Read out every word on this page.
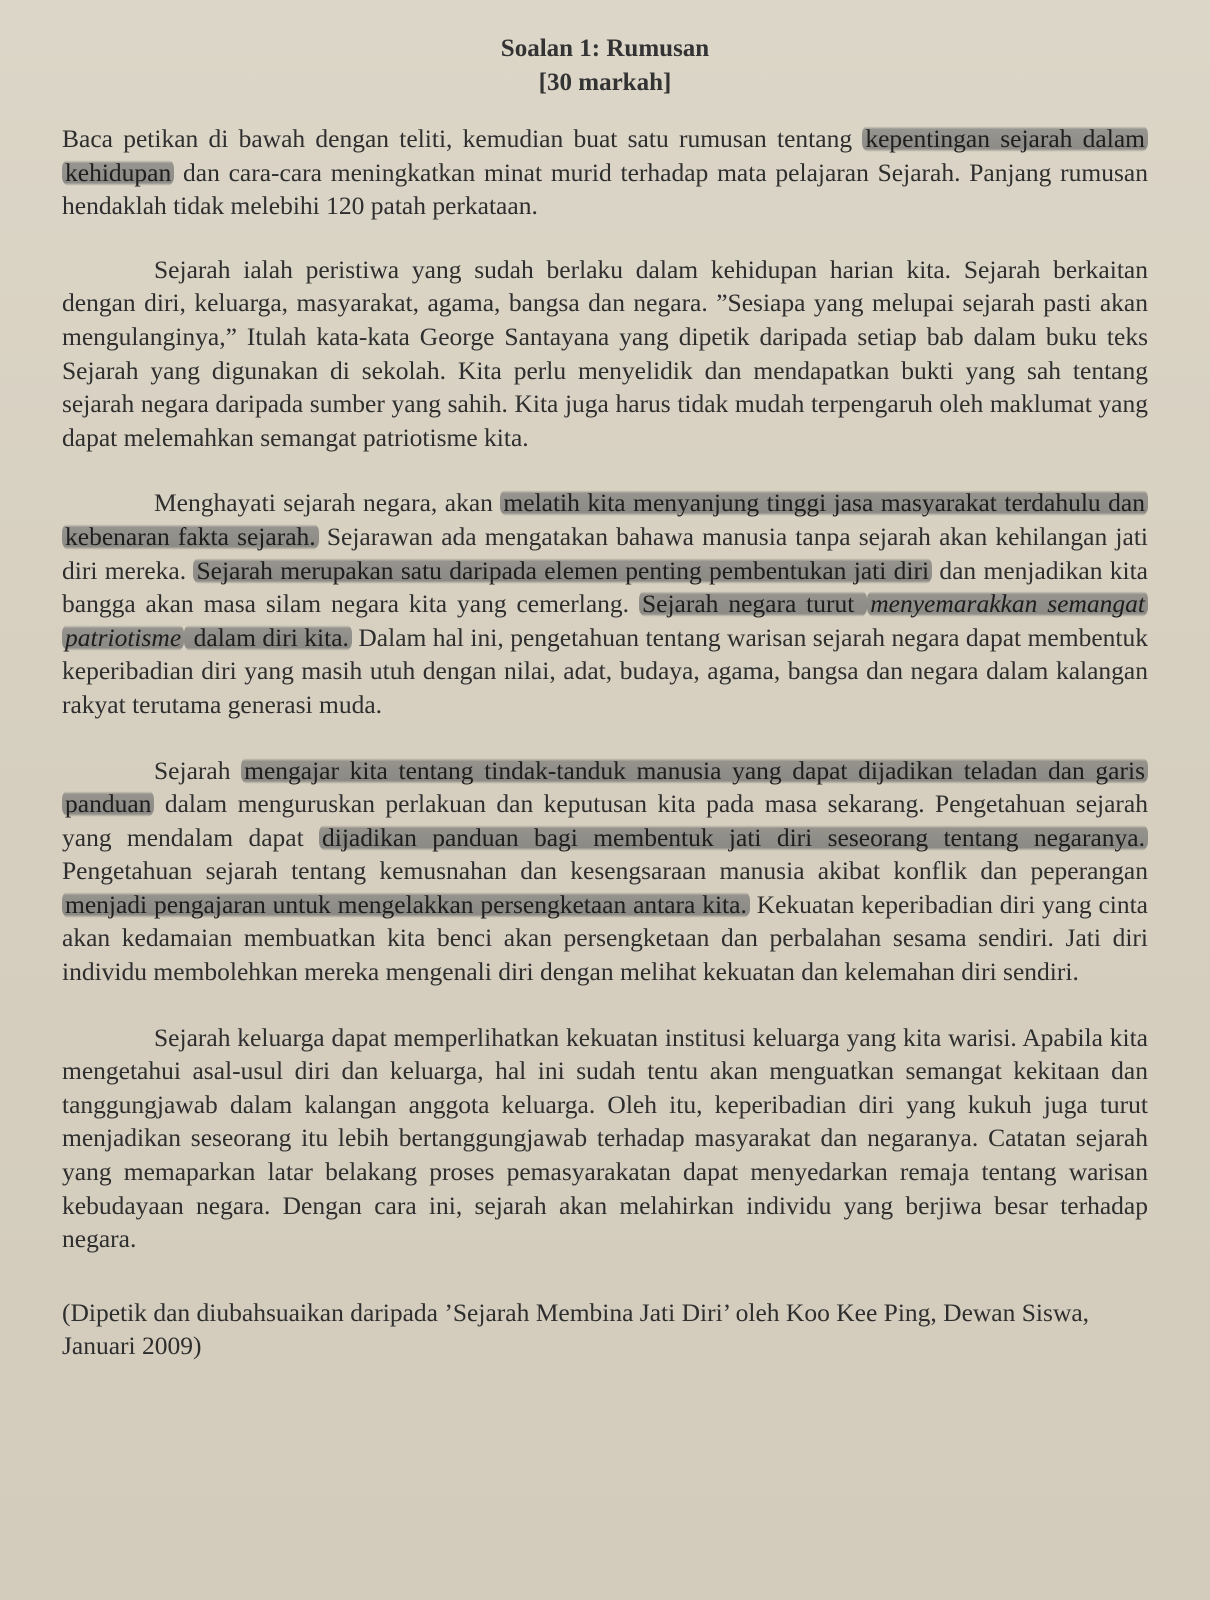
Soalan 1: Rumusan
[30 markah]

Baca petikan di bawah dengan teliti, kemudian buat satu rumusan tentang kepentingan sejarah dalam kehidupan dan cara-cara meningkatkan minat murid terhadap mata pelajaran Sejarah. Panjang rumusan hendaklah tidak melebihi 120 patah perkataan.

Sejarah ialah peristiwa yang sudah berlaku dalam kehidupan harian kita. Sejarah berkaitan dengan diri, keluarga, masyarakat, agama, bangsa dan negara. ”Sesiapa yang melupai sejarah pasti akan mengulanginya,” Itulah kata-kata George Santayana yang dipetik daripada setiap bab dalam buku teks Sejarah yang digunakan di sekolah. Kita perlu menyelidik dan mendapatkan bukti yang sah tentang sejarah negara daripada sumber yang sahih. Kita juga harus tidak mudah terpengaruh oleh maklumat yang dapat melemahkan semangat patriotisme kita.

Menghayati sejarah negara, akan melatih kita menyanjung tinggi jasa masyarakat terdahulu dan kebenaran fakta sejarah. Sejarawan ada mengatakan bahawa manusia tanpa sejarah akan kehilangan jati diri mereka. Sejarah merupakan satu daripada elemen penting pembentukan jati diri dan menjadikan kita bangga akan masa silam negara kita yang cemerlang. Sejarah negara turut menyemarakkan semangat patriotisme dalam diri kita. Dalam hal ini, pengetahuan tentang warisan sejarah negara dapat membentuk keperibadian diri yang masih utuh dengan nilai, adat, budaya, agama, bangsa dan negara dalam kalangan rakyat terutama generasi muda.

Sejarah mengajar kita tentang tindak-tanduk manusia yang dapat dijadikan teladan dan garis panduan dalam menguruskan perlakuan dan keputusan kita pada masa sekarang. Pengetahuan sejarah yang mendalam dapat dijadikan panduan bagi membentuk jati diri seseorang tentang negaranya. Pengetahuan sejarah tentang kemusnahan dan kesengsaraan manusia akibat konflik dan peperangan menjadi pengajaran untuk mengelakkan persengketaan antara kita. Kekuatan keperibadian diri yang cinta akan kedamaian membuatkan kita benci akan persengketaan dan perbalahan sesama sendiri. Jati diri individu membolehkan mereka mengenali diri dengan melihat kekuatan dan kelemahan diri sendiri.

Sejarah keluarga dapat memperlihatkan kekuatan institusi keluarga yang kita warisi. Apabila kita mengetahui asal-usul diri dan keluarga, hal ini sudah tentu akan menguatkan semangat kekitaan dan tanggungjawab dalam kalangan anggota keluarga. Oleh itu, keperibadian diri yang kukuh juga turut menjadikan seseorang itu lebih bertanggungjawab terhadap masyarakat dan negaranya. Catatan sejarah yang memaparkan latar belakang proses pemasyarakatan dapat menyedarkan remaja tentang warisan kebudayaan negara. Dengan cara ini, sejarah akan melahirkan individu yang berjiwa besar terhadap negara.

(Dipetik dan diubahsuaikan daripada ’Sejarah Membina Jati Diri’ oleh Koo Kee Ping, Dewan Siswa, Januari 2009)
